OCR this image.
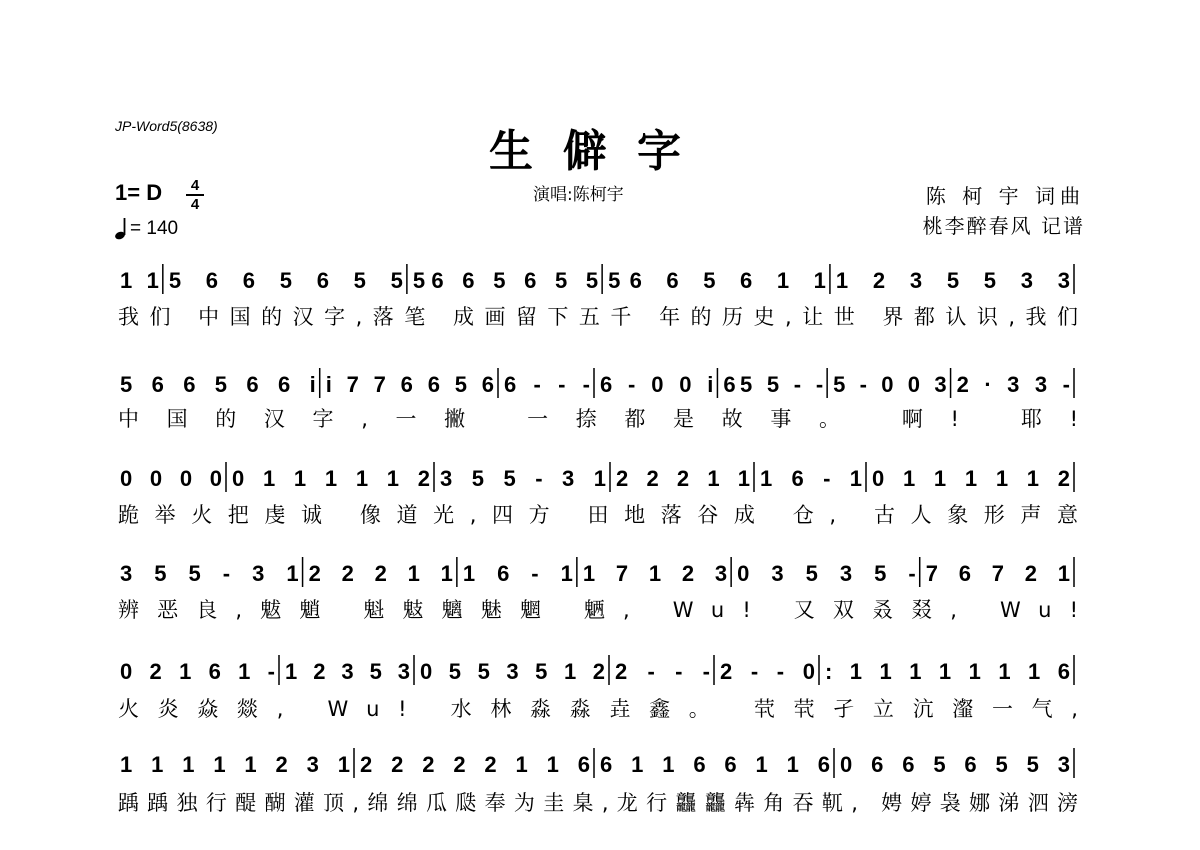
JP-Word5(8638)	生僻字
1= D	4
4
= 140
演唱:陈柯宇	陈 柯 宇 词曲
桃李醉春风 记谱
1 1 5 6 6 5 6 5 5 56 6 5 6 5 5 56 6 5 6 1 1 1 2 3 5 5 3 3
我们 中国的汉字,落笔 成画留下五千 年的历史,让世 界都认识,我们
5 6 6 5 6 6 i i 7 7 6 6 5 6 6 - - - 6 - 0 0 i 65 5 - - 5 - 0 0 3 2 · 3 3 -
中国的汉字,一撇 一捺都是故事。 啊! 耶!
0 0 0 0 0 1 1 1 1 1 2 3 5 5 - 3 1 2 2 2 1 1 1 6 - 1 0 1 1 1 1 1 2
跪举火把虔诚 像道光,四方 田地落谷成 仓, 古人象形声意
3 5 5 - 3 1 2 2 2 1 1 1 6 - 1 1 7 1 2 3 0 3 5 3 5 - 7 6 7 2 1
辨恶良,魃魈 魁鬾魑魅魍 魉, Wu! 又双叒叕, Wu!
0 2 1 6 1 - 1 2 3 5 3 0 5 5 3 5 1 2 2 - - - 2 - - 0 : 1 1 1 1 1 1 1 6
火炎焱燚, Wu! 水林淼淼垚鑫。 茕茕孑立沆瀣一气,
1 1 1 1 1 2 3 1 2 2 2 2 2 1 1 6 6 1 1 6 6 1 1 6 0 6 6 5 6 5 5 3
踽踽独行醍醐灌顶,绵绵瓜瓞奉为圭臬,龙行龘龘犇角吞靰, 娉婷袅娜涕泗滂
